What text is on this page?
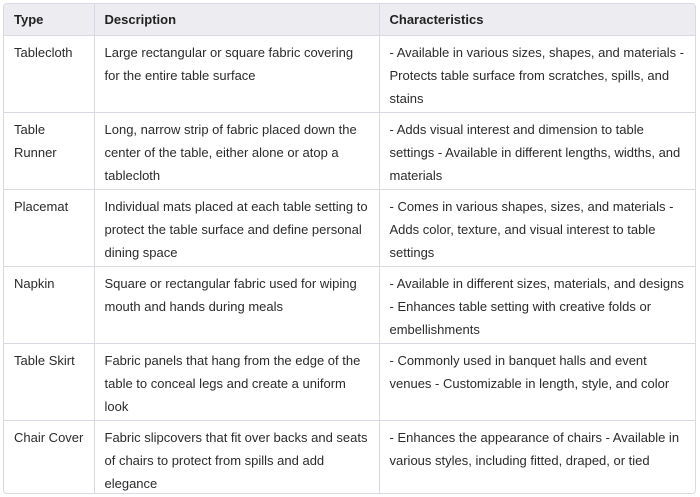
Type	Description	Characteristics
Tablecloth	Large rectangular or square fabric covering for the entire table surface	- Available in various sizes, shapes, and materials - Protects table surface from scratches, spills, and stains
Table Runner	Long, narrow strip of fabric placed down the center of the table, either alone or atop a tablecloth	- Adds visual interest and dimension to table settings - Available in different lengths, widths, and materials
Placemat	Individual mats placed at each table setting to protect the table surface and define personal dining space	- Comes in various shapes, sizes, and materials - Adds color, texture, and visual interest to table settings
Napkin	Square or rectangular fabric used for wiping mouth and hands during meals	- Available in different sizes, materials, and designs - Enhances table setting with creative folds or embellishments
Table Skirt	Fabric panels that hang from the edge of the table to conceal legs and create a uniform look	- Commonly used in banquet halls and event venues - Customizable in length, style, and color
Chair Cover	Fabric slipcovers that fit over backs and seats of chairs to protect from spills and add elegance	- Enhances the appearance of chairs - Available in various styles, including fitted, draped, or tied
